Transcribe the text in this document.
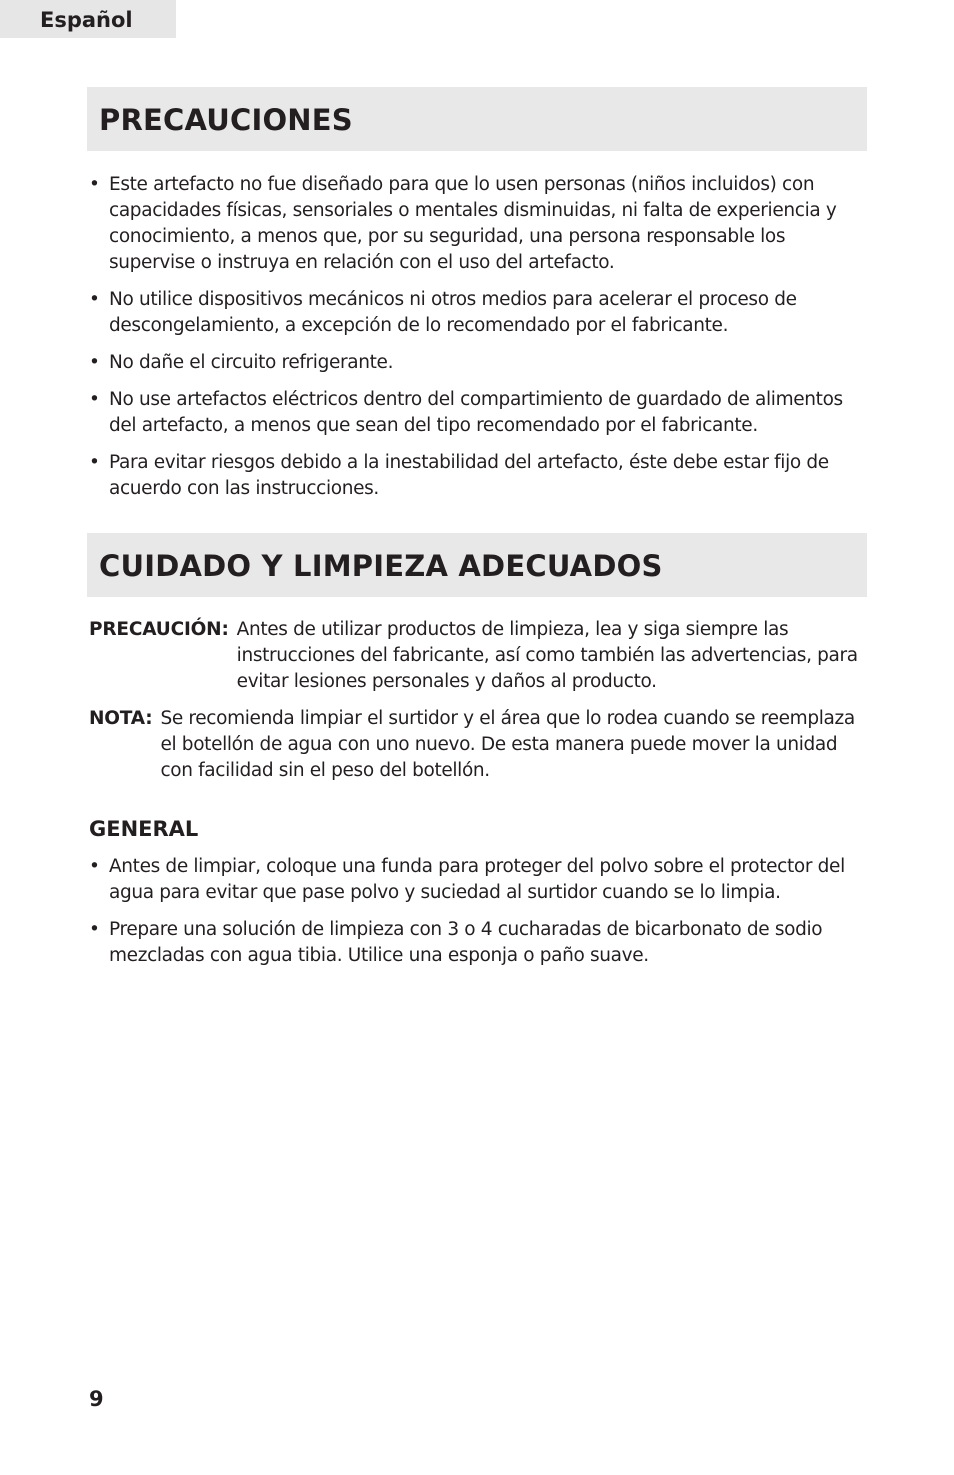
Español
PRECAUCIONES
• Este artefacto no fue diseñado para que lo usen personas (niños incluidos) con capacidades físicas, sensoriales o mentales disminuidas, ni falta de experiencia y conocimiento, a menos que, por su seguridad, una persona responsable los supervise o instruya en relación con el uso del artefacto.
• No utilice dispositivos mecánicos ni otros medios para acelerar el proceso de descongelamiento, a excepción de lo recomendado por el fabricante.
• No dañe el circuito refrigerante.
• No use artefactos eléctricos dentro del compartimiento de guardado de alimentos del artefacto, a menos que sean del tipo recomendado por el fabricante.
• Para evitar riesgos debido a la inestabilidad del artefacto, éste debe estar fijo de acuerdo con las instrucciones.
CUIDADO Y LIMPIEZA ADECUADOS
PRECAUCIÓN: Antes de utilizar productos de limpieza, lea y siga siempre las instrucciones del fabricante, así como también las advertencias, para evitar lesiones personales y daños al producto.
NOTA: Se recomienda limpiar el surtidor y el área que lo rodea cuando se reemplaza el botellón de agua con uno nuevo. De esta manera puede mover la unidad con facilidad sin el peso del botellón.
GENERAL
• Antes de limpiar, coloque una funda para proteger del polvo sobre el protector del agua para evitar que pase polvo y suciedad al surtidor cuando se lo limpia.
• Prepare una solución de limpieza con 3 o 4 cucharadas de bicarbonato de sodio mezcladas con agua tibia. Utilice una esponja o paño suave.
9
